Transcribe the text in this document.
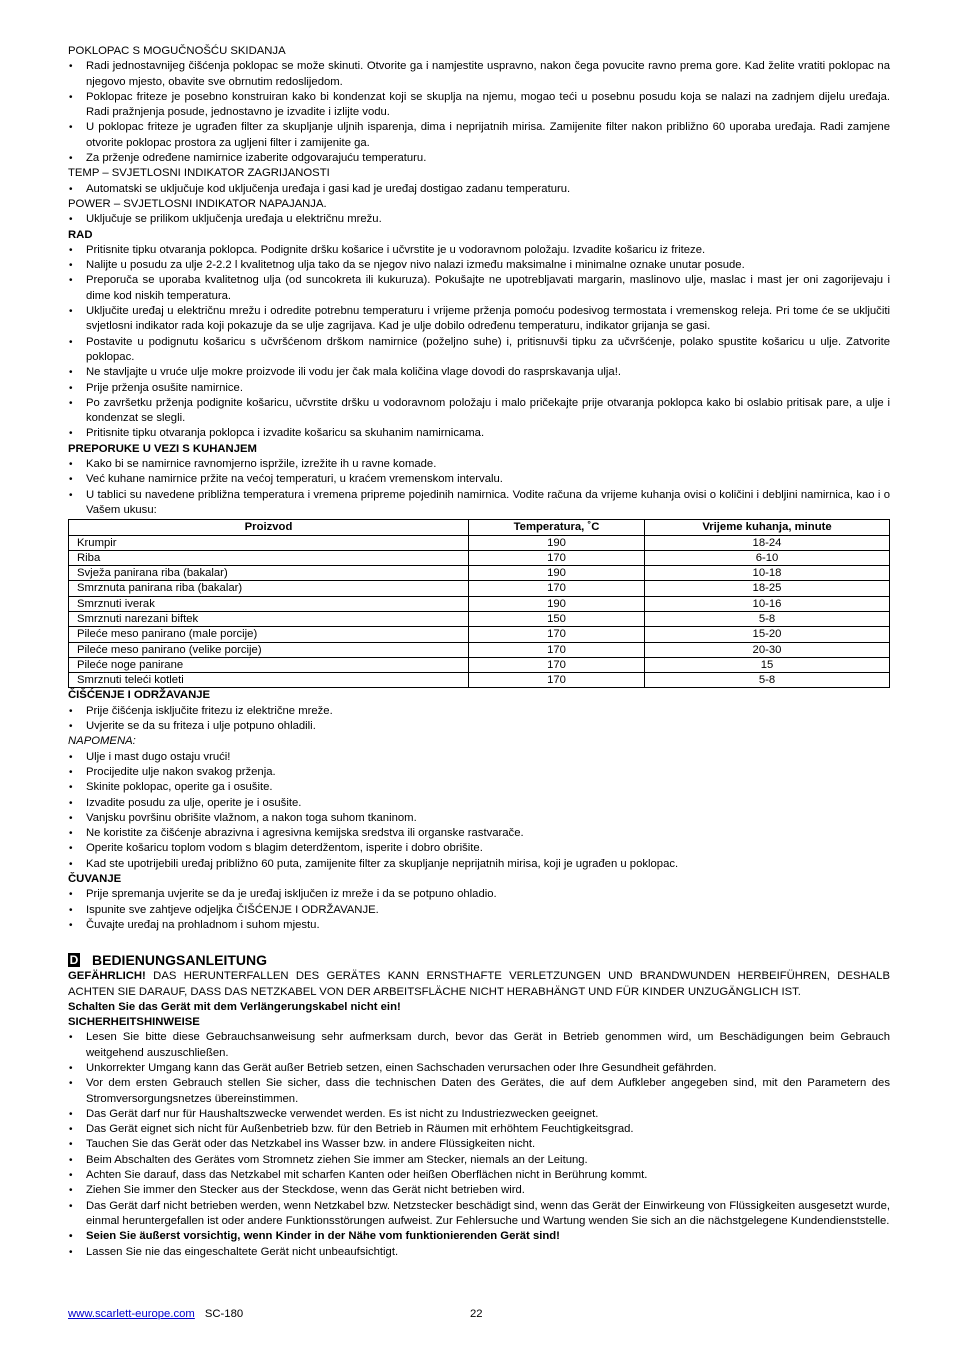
POKLOPAC S MOGUČNOŠĆU SKIDANJA

• Radi jednostavnijeg čišćenja poklopac se može skinuti. Otvorite ga i namjestite uspravno, nakon čega povucite ravno prema gore. Kad želite vratiti poklopac na njegovo mjesto, obavite sve obrnutim redoslijedom.
• Poklopac friteze je posebno konstruiran kako bi kondenzat koji se skuplja na njemu, mogao teći u posebnu posudu koja se nalazi na zadnjem dijelu uređaja. Radi pražnjenja posude, jednostavno je izvadite i izlijte vodu.
• U poklopac friteze je ugrađen filter za skupljanje uljnih isparenja, dima i neprijatnih mirisa. Zamijenite filter nakon približno 60 uporaba uređaja. Radi zamjene otvorite poklopac prostora za ugljeni filter i zamijenite ga.
• Za prženje određene namirnice izaberite odgovarajuću temperaturu.

TEMP – SVJETLOSNI INDIKATOR ZAGRIJANOSTI

• Automatski se uključuje kod uključenja uređaja i gasi kad je uređaj dostigao zadanu temperaturu.

POWER – SVJETLOSNI INDIKATOR NAPAJANJA.

• Uključuje se prilikom uključenja uređaja u električnu mrežu.

RAD

• Pritisnite tipku otvaranja poklopca. Podignite dršku košarice i učvrstite je u vodoravnom položaju. Izvadite košaricu iz friteze.
• Nalijte u posudu za ulje 2-2.2 l kvalitetnog ulja tako da se njegov nivo nalazi između maksimalne i minimalne oznake unutar posude.
• Preporuča se uporaba kvalitetnog ulja (od suncokreta ili kukuruza). Pokušajte ne upotrebljavati margarin, maslinovo ulje, maslac i mast jer oni zagorijevaju i dime kod niskih temperatura.
• Uključite uređaj u električnu mrežu i odredite potrebnu temperaturu i vrijeme prženja pomoću podesivog termostata i vremenskog releja. Pri tome će se uključiti svjetlosni indikator rada koji pokazuje da se ulje zagrijava. Kad je ulje dobilo određenu temperaturu, indikator grijanja se gasi.
• Postavite u podignutu košaricu s učvršćenom drškom namirnice (poželjno suhe) i, pritisnuvši tipku za učvršćenje, polako spustite košaricu u ulje. Zatvorite poklopac.
• Ne stavljajte u vruće ulje mokre proizvode ili vodu jer čak mala količina vlage dovodi do rasprskavanja ulja!.
• Prije prženja osušite namirnice.
• Po završetku prženja podignite košaricu, učvrstite dršku u vodoravnom položaju i malo pričekajte prije otvaranja poklopca kako bi oslabio pritisak pare, a ulje i kondenzat se slegli.
• Pritisnite tipku otvaranja poklopca i izvadite košaricu sa skuhanim namirnicama.

PREPORUKE U VEZI S KUHANJEM

• Kako bi se namirnice ravnomjerno ispržile, izrežite ih u ravne komade.
• Već kuhane namirnice pržite na većoj temperaturi, u kraćem vremenskom intervalu.
• U tablici su navedene približna temperatura i vremena pripreme pojedinih namirnica. Vodite računa da vrijeme kuhanja ovisi o količini i debljini namirnica, kao i o Vašem ukusu:
Proizvod	Temperatura, ˚C	Vrijeme kuhanja, minute
Krumpir	190	18-24
Riba	170	6-10
Svježa panirana riba (bakalar)	190	10-18
Smrznuta panirana riba (bakalar)	170	18-25
Smrznuti iverak	190	10-16
Smrznuti narezani biftek	150	5-8
Pileće meso panirano (male porcije)	170	15-20
Pileće meso panirano (velike porcije)	170	20-30
Pileće noge panirane	170	15
Smrznuti teleći kotleti	170	5-8

ČIŠĆENJE I ODRŽAVANJE

• Prije čišćenja isključite fritezu iz električne mreže.
• Uvjerite se da su friteza i ulje potpuno ohladili.

NAPOMENA:

• Ulje i mast dugo ostaju vrući!
• Procijedite ulje nakon svakog prženja.
• Skinite poklopac, operite ga i osušite.
• Izvadite posudu za ulje, operite je i osušite.
• Vanjsku površinu obrišite vlažnom, a nakon toga suhom tkaninom.
• Ne koristite za čišćenje abrazivna i agresivna kemijska sredstva ili organske rastvarače.
• Operite košaricu toplom vodom s blagim deterdžentom, isperite i dobro obrišite.
• Kad ste upotrijebili uređaj približno 60 puta, zamijenite filter za skupljanje neprijatnih mirisa, koji je ugrađen u poklopac.

ČUVANJE

• Prije spremanja uvjerite se da je uređaj isključen iz mreže i da se potpuno ohladio.
• Ispunite sve zahtjeve odjeljka ČIŠĆENJE I ODRŽAVANJE.
• Čuvajte uređaj na prohladnom i suhom mjestu.
D BEDIENUNGSANLEITUNG

GEFÄHRLICH! DAS HERUNTERFALLEN DES GERÄTES KANN ERNSTHAFTE VERLETZUNGEN UND BRANDWUNDEN HERBEIFÜHREN, DESHALB ACHTEN SIE DARAUF, DASS DAS NETZKABEL VON DER ARBEITSFLÄCHE NICHT HERABHÄNGT UND FÜR KINDER UNZUGÄNGLICH IST.

Schalten Sie das Gerät mit dem Verlängerungskabel nicht ein!

SICHERHEITSHINWEISE

• Lesen Sie bitte diese Gebrauchsanweisung sehr aufmerksam durch, bevor das Gerät in Betrieb genommen wird, um Beschädigungen beim Gebrauch weitgehend auszuschließen.
• Unkorrekter Umgang kann das Gerät außer Betrieb setzen, einen Sachschaden verursachen oder Ihre Gesundheit gefährden.
• Vor dem ersten Gebrauch stellen Sie sicher, dass die technischen Daten des Gerätes, die auf dem Aufkleber angegeben sind, mit den Parametern des Stromversorgungsnetzes übereinstimmen.
• Das Gerät darf nur für Haushaltszwecke verwendet werden. Es ist nicht zu Industriezwecken geeignet.
• Das Gerät eignet sich nicht für Außenbetrieb bzw. für den Betrieb in Räumen mit erhöhtem Feuchtigkeitsgrad.
• Tauchen Sie das Gerät oder das Netzkabel ins Wasser bzw. in andere Flüssigkeiten nicht.
• Beim Abschalten des Gerätes vom Stromnetz ziehen Sie immer am Stecker, niemals an der Leitung.
• Achten Sie darauf, dass das Netzkabel mit scharfen Kanten oder heißen Oberflächen nicht in Berührung kommt.
• Ziehen Sie immer den Stecker aus der Steckdose, wenn das Gerät nicht betrieben wird.
• Das Gerät darf nicht betrieben werden, wenn Netzkabel bzw. Netzstecker beschädigt sind, wenn das Gerät der Einwirkeung von Flüssigkeiten ausgesetzt wurde, einmal heruntergefallen ist oder andere Funktionsstörungen aufweist. Zur Fehlersuche und Wartung wenden Sie sich an die nächstgelegene Kundendienststelle.
• Seien Sie äußerst vorsichtig, wenn Kinder in der Nähe vom funktionierenden Gerät sind!
• Lassen Sie nie das eingeschaltete Gerät nicht unbeaufsichtigt.
www.scarlett-europe.com SC-180	22
